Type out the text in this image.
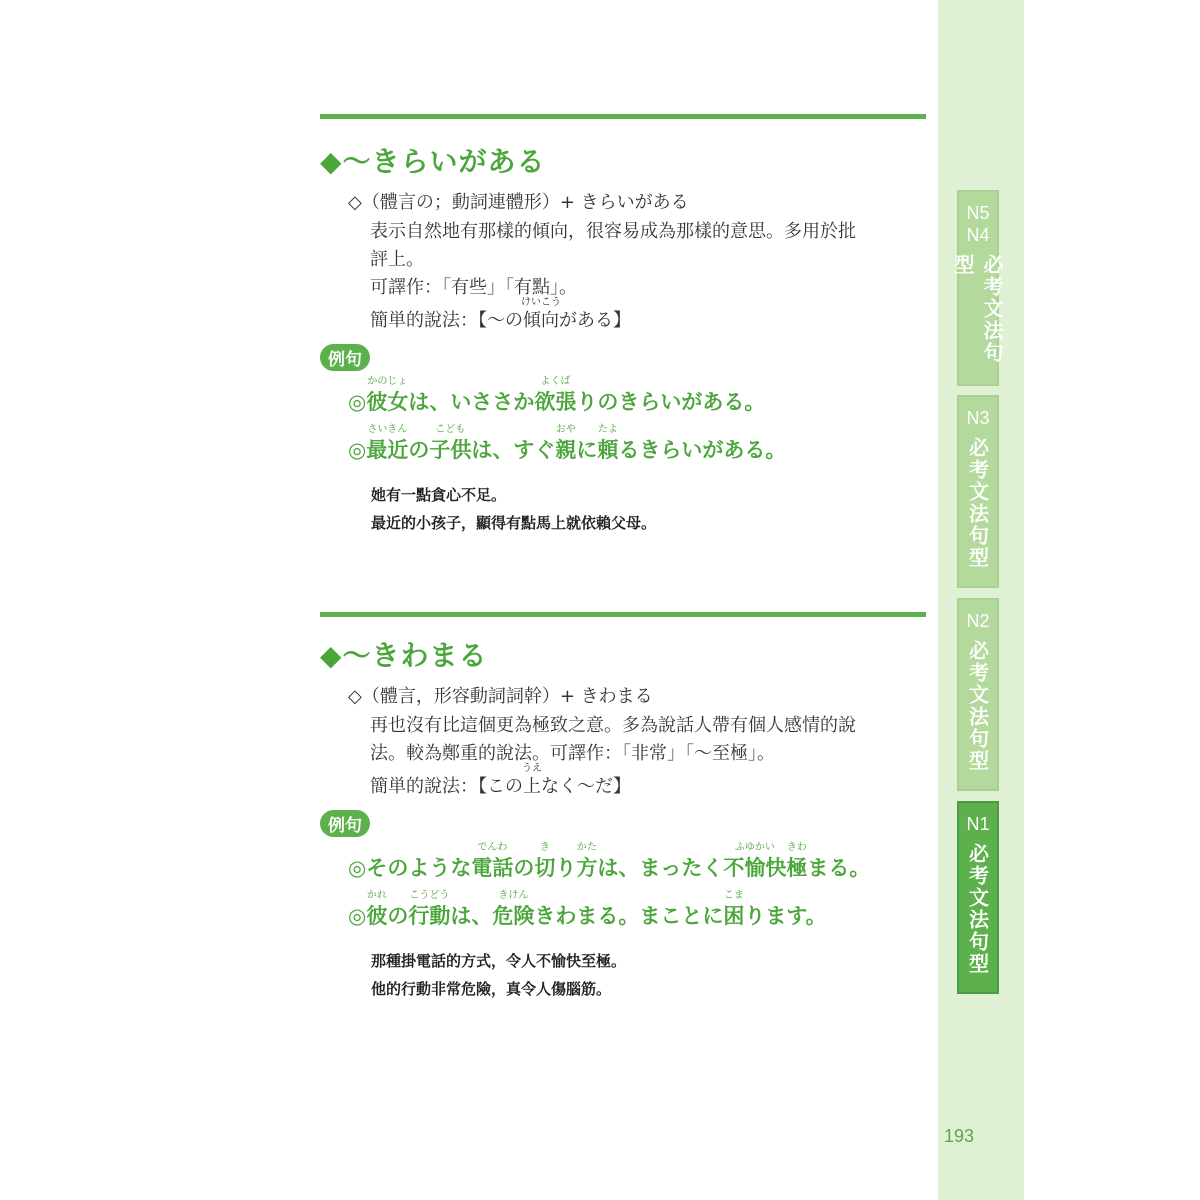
N5
N4
必考文法句型
N3
必考文法句型
N2
必考文法句型
N1
必考文法句型
193
◆～きらいがある
◇（體言の；動詞連體形）+ きらいがある
表示自然地有那樣的傾向，很容易成為那樣的意思。多用於批
評上。
可譯作：「有些」「有點」。
簡単的說法：【～の
けいこう
傾向がある】
例句
◎
かのじょ
彼女は、いささか
よくば
欲張りのきらいがある。
◎
さいきん
最近の
こども
子供は、すぐ
おや
親に
たよ
頼るきらいがある。
她有一點貪心不足。
最近的小孩子，顯得有點馬上就依賴父母。
◆～きわまる
◇（體言，形容動詞詞幹）+ きわまる
再也沒有比這個更為極致之意。多為說話人帶有個人感情的說
法。較為鄭重的說法。可譯作：「非常」「～至極」。
簡単的說法：【この
うえ
上なく～だ】
例句
◎そのような
でんわ
電話の
き
切り
かた
方は、まったく
ふゆかい
不愉快
きわ
極まる。
◎
かれ
彼の
こうどう
行動は、
きけん
危険きわまる。まことに
こま
困ります。
那種掛電話的方式，令人不愉快至極。
他的行動非常危險，真令人傷腦筋。
